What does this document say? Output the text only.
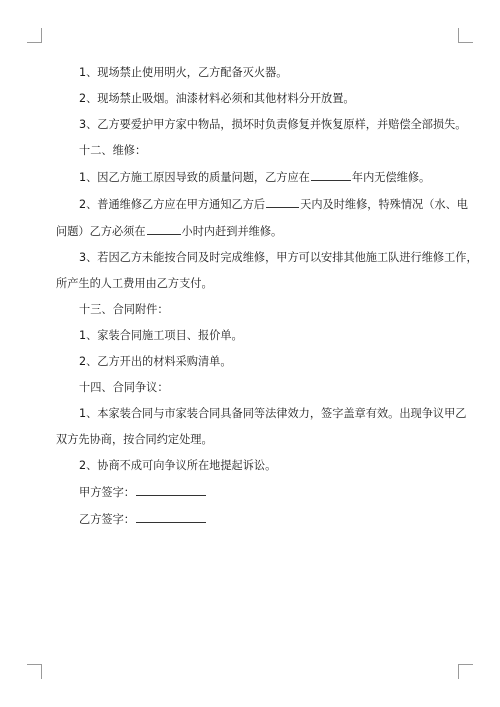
1、现场禁止使用明火，乙方配备灭火器。

2、现场禁止吸烟。油漆材料必须和其他材料分开放置。

3、乙方要爱护甲方家中物品，损坏时负责修复并恢复原样，并赔偿全部损失。

十二、维修：

1、因乙方施工原因导致的质量问题，乙方应在	年内无偿维修。

2、普通维修乙方应在甲方通知乙方后	天内及时维修，特殊情况（水、电

问题）乙方必须在	小时内赶到并维修。

3、若因乙方未能按合同及时完成维修，甲方可以安排其他施工队进行维修工作，

所产生的人工费用由乙方支付。

十三、合同附件：

1、家装合同施工项目、报价单。

2、乙方开出的材料采购清单。

十四、合同争议：

1、本家装合同与市家装合同具备同等法律效力，签字盖章有效。出现争议甲乙

双方先协商，按合同约定处理。

2、协商不成可向争议所在地提起诉讼。

甲方签字：

乙方签字：
